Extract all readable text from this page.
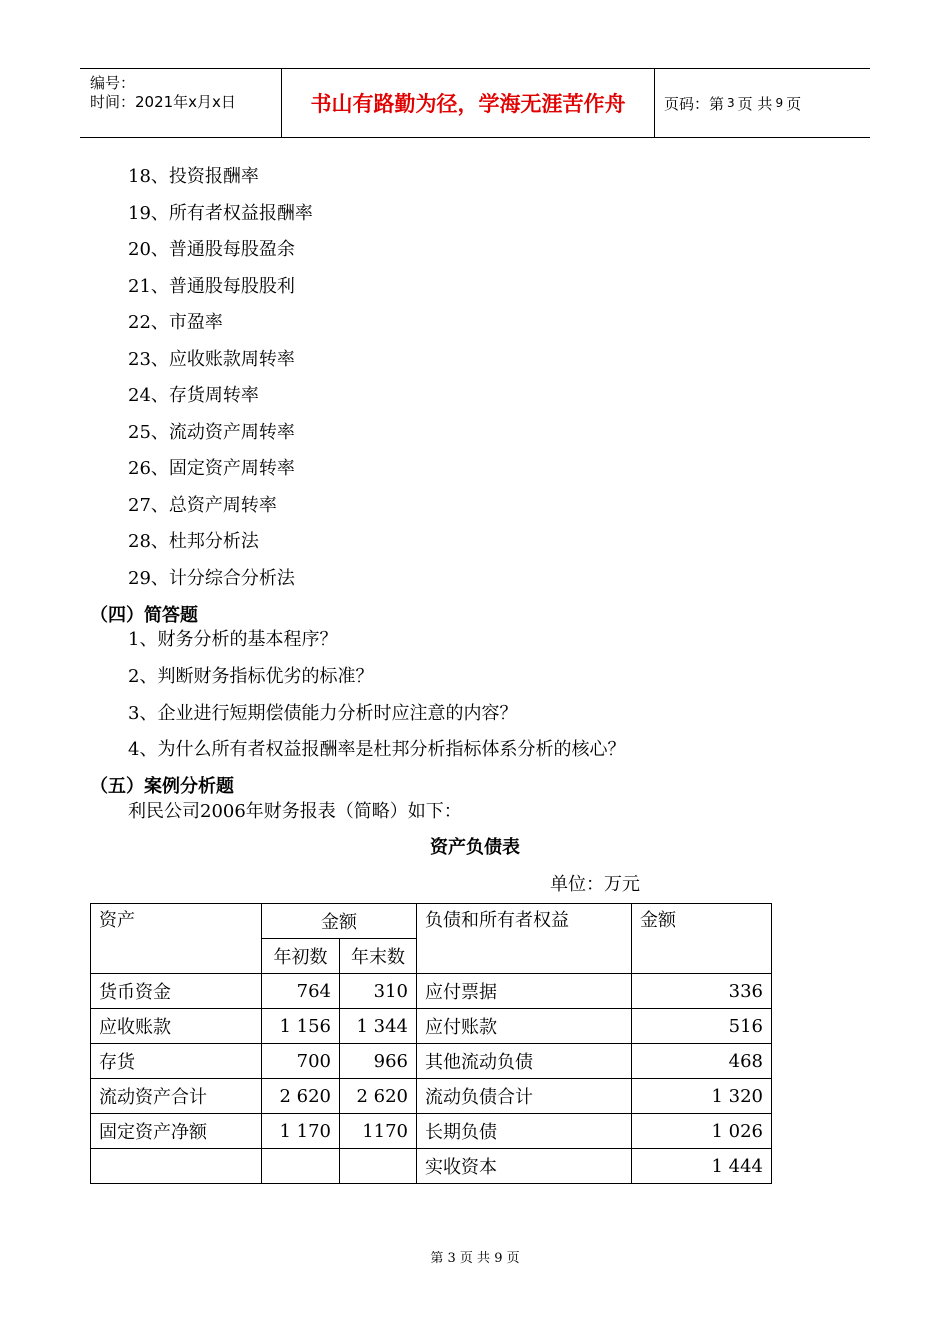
编号：
时间：2021年x月x日	书山有路勤为径，学海无涯苦作舟	页码：第 3 页 共 9 页
18、投资报酬率
19、所有者权益报酬率
20、普通股每股盈余
21、普通股每股股利
22、市盈率
23、应收账款周转率
24、存货周转率
25、流动资产周转率
26、固定资产周转率
27、总资产周转率
28、杜邦分析法
29、计分综合分析法
（四）简答题
1、财务分析的基本程序？
2、判断财务指标优劣的标准？
3、企业进行短期偿债能力分析时应注意的内容？
4、为什么所有者权益报酬率是杜邦分析指标体系分析的核心？
（五）案例分析题
利民公司2006年财务报表（简略）如下：
资产负债表
单位：万元
资产	金额		负债和所有者权益	金额
	年初数	年末数		
货币资金	764	310	应付票据	336
应收账款	1 156	1 344	应付账款	516
存货	700	966	其他流动负债	468
流动资产合计	2 620	2 620	流动负债合计	1 320
固定资产净额	1 170	1170	长期负债	1 026
			实收资本	1 444
第 3 页 共 9 页
